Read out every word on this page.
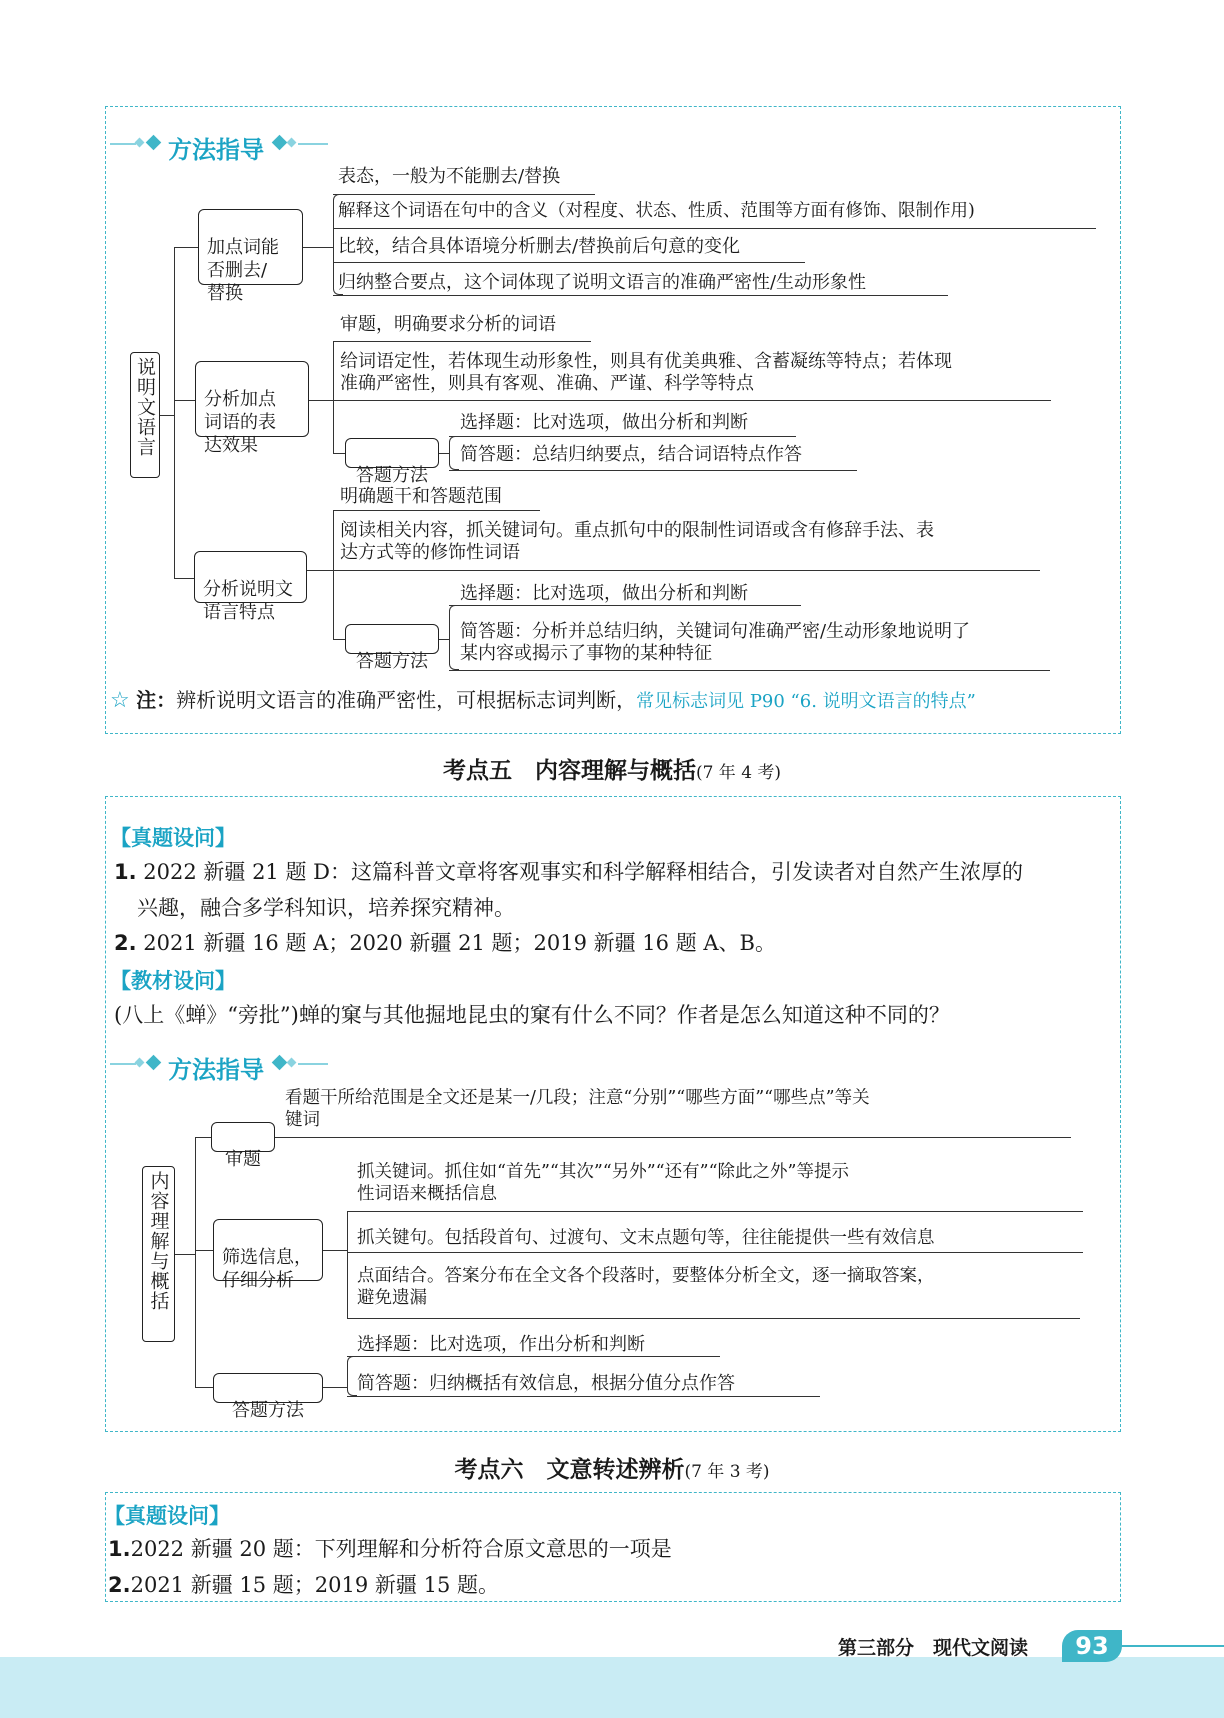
方法指导
说明文语言

加点词能
否删去/
替换

表态，一般为不能删去/替换
解释这个词语在句中的含义（对程度、状态、性质、范围等方面有修饰、限制作用)
比较，结合具体语境分析删去/替换前后句意的变化
归纳整合要点，这个词体现了说明文语言的准确严密性/生动形象性

分析加点
词语的表
达效果

审题，明确要求分析的词语
给词语定性，若体现生动形象性，则具有优美典雅、含蓄凝练等特点；若体现
准确严密性，则具有客观、准确、严谨、科学等特点

答题方法

选择题：比对选项，做出分析和判断
简答题：总结归纳要点，结合词语特点作答

分析说明文
语言特点

明确题干和答题范围
阅读相关内容，抓关键词句。重点抓句中的限制性词语或含有修辞手法、表
达方式等的修饰性词语

答题方法

选择题：比对选项，做出分析和判断
简答题：分析并总结归纳，关键词句准确严密/生动形象地说明了
某内容或揭示了事物的某种特征
☆ 注：辨析说明文语言的准确严密性，可根据标志词判断，常见标志词见 P90 “6. 说明文语言的特点”
考点五　内容理解与概括(7 年 4 考)
【真题设问】
1. 2022 新疆 21 题 D：这篇科普文章将客观事实和科学解释相结合，引发读者对自然产生浓厚的
兴趣，融合多学科知识，培养探究精神。
2. 2021 新疆 16 题 A；2020 新疆 21 题；2019 新疆 16 题 A、B。
【教材设问】
(八上《蝉》“旁批”)蝉的窠与其他掘地昆虫的窠有什么不同？作者是怎么知道这种不同的？
方法指导
内容理解与概括

审题

看题干所给范围是全文还是某一/几段；注意“分别”“哪些方面”“哪些点”等关
键词

筛选信息，
仔细分析

抓关键词。抓住如“首先”“其次”“另外”“还有”“除此之外”等提示
性词语来概括信息
抓关键句。包括段首句、过渡句、文末点题句等，往往能提供一些有效信息
点面结合。答案分布在全文各个段落时，要整体分析全文，逐一摘取答案，
避免遗漏

答题方法

选择题：比对选项，作出分析和判断
简答题：归纳概括有效信息，根据分值分点作答
考点六　文意转述辨析(7 年 3 考)
【真题设问】
1.2022 新疆 20 题：下列理解和分析符合原文意思的一项是
2.2021 新疆 15 题；2019 新疆 15 题。
第三部分　现代文阅读	93
